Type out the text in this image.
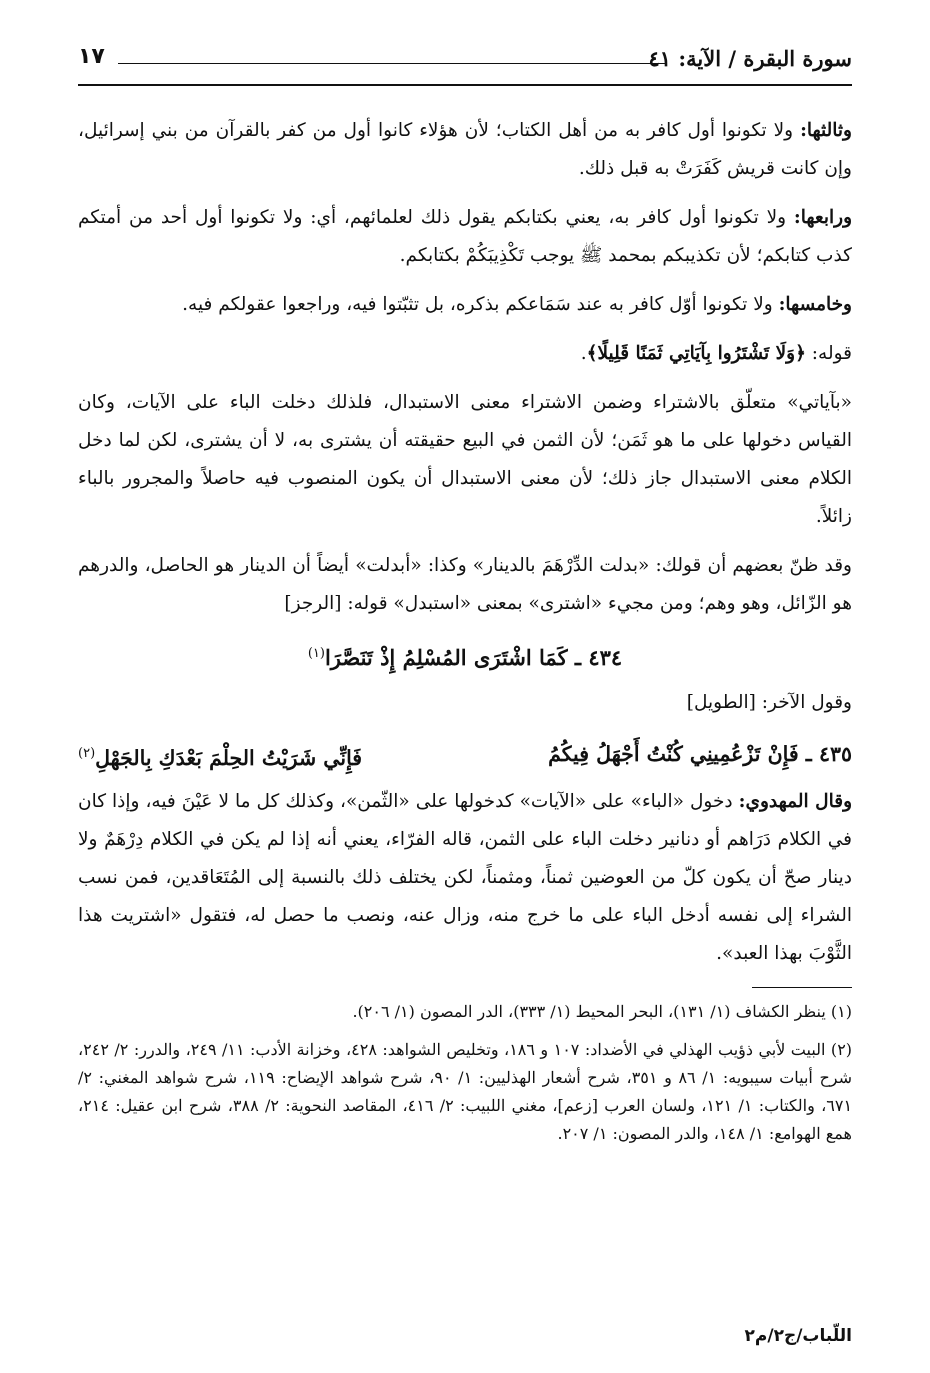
سورة البقرة / الآية: ٤١
١٧

وثالثها: ولا تكونوا أول كافر به من أهل الكتاب؛ لأن هؤلاء كانوا أول من كفر بالقرآن من بني إسرائيل، وإن كانت قريش كَفَرَتْ به قبل ذلك.

ورابعها: ولا تكونوا أول كافر به، يعني بكتابكم يقول ذلك لعلمائهم، أي: ولا تكونوا أول أحد من أمتكم كذب كتابكم؛ لأن تكذيبكم بمحمد ﷺ يوجب تَكْذِيبَكُمْ بكتابكم.

وخامسها: ولا تكونوا أوّل كافر به عند سَمَاعكم بذكره، بل تثبّتوا فيه، وراجعوا عقولكم فيه.

قوله: ﴿وَلَا تَشْتَرُوا بِآيَاتِي ثَمَنًا قَلِيلًا﴾.

«بآياتي» متعلّق بالاشتراء وضمن الاشتراء معنى الاستبدال، فلذلك دخلت الباء على الآيات، وكان القياس دخولها على ما هو ثَمَن؛ لأن الثمن في البيع حقيقته أن يشترى به، لا أن يشترى، لكن لما دخل الكلام معنى الاستبدال جاز ذلك؛ لأن معنى الاستبدال أن يكون المنصوب فيه حاصلاً والمجرور بالباء زائلاً.

وقد ظنّ بعضهم أن قولك: «بدلت الدِّرْهَمَ بالدينار» وكذا: «أبدلت» أيضاً أن الدينار هو الحاصل، والدرهم هو الزّائل، وهو وهم؛ ومن مجيء «اشترى» بمعنى «استبدل» قوله: [الرجز]

٤٣٤ ـ كَمَا اشْتَرَى المُسْلِمُ إِذْ تَنَصَّرَا$^{(١)}$

وقول الآخر: [الطويل]

٤٣٥ ـ فَإِنْ تَزْعُمِينِي كُنْتُ أَجْهَلُ فِيكُمُ
فَإِنِّي شَرَيْتُ الحِلْمَ بَعْدَكِ بِالجَهْلِ$^{(٢)}$

وقال المهدوي: دخول «الباء» على «الآيات» كدخولها على «الثّمن»، وكذلك كل ما لا عَيْنَ فيه، وإذا كان في الكلام دَرَاهم أو دنانير دخلت الباء على الثمن، قاله الفرّاء، يعني أنه إذا لم يكن في الكلام دِرْهَمٌ ولا دينار صحّ أن يكون كلّ من العوضين ثمناً، ومثمناً، لكن يختلف ذلك بالنسبة إلى المُتَعَاقدين، فمن نسب الشراء إلى نفسه أدخل الباء على ما خرج منه، وزال عنه، ونصب ما حصل له، فتقول «اشتريت هذا الثَّوْبَ بهذا العبد».

(١) ينظر الكشاف (١/ ١٣١)، البحر المحيط (١/ ٣٣٣)، الدر المصون (١/ ٢٠٦).

(٢) البيت لأبي ذؤيب الهذلي في الأضداد: ١٠٧ و ١٨٦، وتخليص الشواهد: ٤٢٨، وخزانة الأدب: ١١/ ٢٤٩، والدرر: ٢/ ٢٤٢، شرح أبيات سيبويه: ١/ ٨٦ و ٣٥١، شرح أشعار الهذليين: ١/ ٩٠، شرح شواهد الإيضاح: ١١٩، شرح شواهد المغني: ٢/ ٦٧١، والكتاب: ١/ ١٢١، ولسان العرب [زعم]، مغني اللبيب: ٢/ ٤١٦، المقاصد النحوية: ٢/ ٣٨٨، شرح ابن عقيل: ٢١٤، همع الهوامع: ١/ ١٤٨، والدر المصون: ١/ ٢٠٧.

اللّباب/ج٢/م٢
